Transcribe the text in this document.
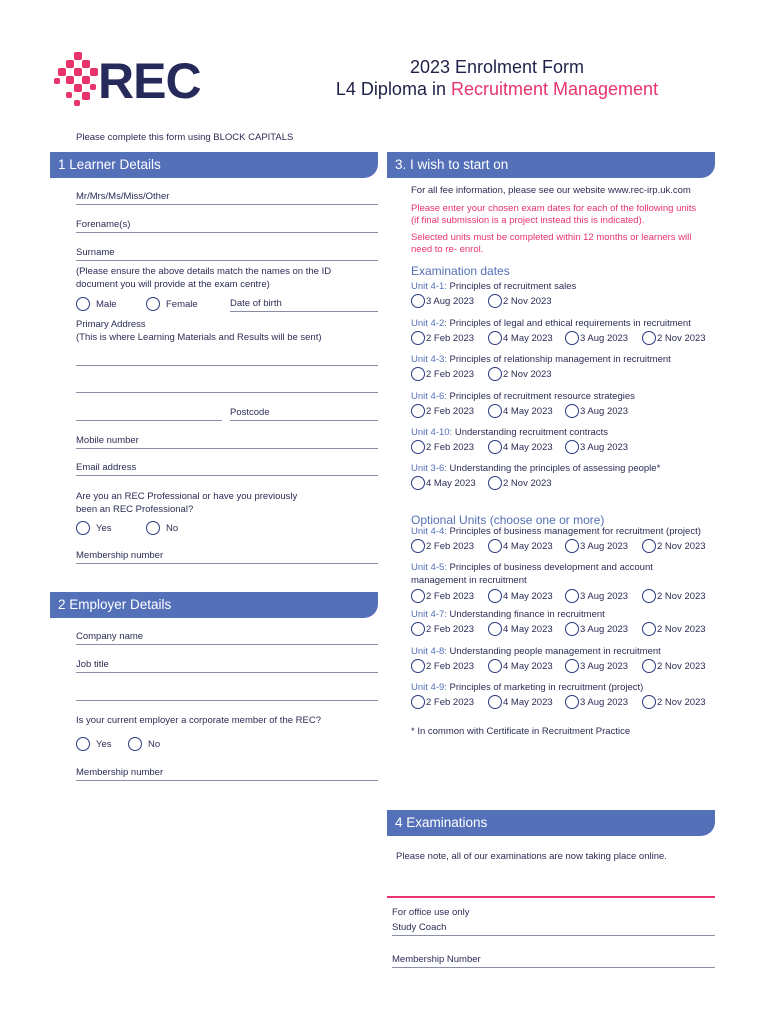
REC	2023 Enrolment Form
L4 Diploma in Recruitment Management
Please complete this form using BLOCK CAPITALS
1 Learner Details
Mr/Mrs/Ms/Miss/Other
Forename(s)
Surname
(Please ensure the above details match the names on the ID
document you will provide at the exam centre)
Male	Female	Date of birth
Primary Address
(This is where Learning Materials and Results will be sent)
Postcode
Mobile number
Email address
Are you an REC Professional or have you previously
been an REC Professional?
Yes	No
Membership number
2 Employer Details
Company name
Job title
Is your current employer a corporate member of the REC?
Yes	No
Membership number
3. I wish to start on
For all fee information, please see our website www.rec-irp.uk.com
Please enter your chosen exam dates for each of the following units
(if final submission is a project instead this is indicated).
Selected units must be completed within 12 months or learners will
need to re- enrol.
Examination dates
Unit 4-1: Principles of recruitment sales
3 Aug 2023	2 Nov 2023
Unit 4-2: Principles of legal and ethical requirements in recruitment
2 Feb 2023	4 May 2023	3 Aug 2023	2 Nov 2023
Unit 4-3: Principles of relationship management in recruitment
2 Feb 2023	2 Nov 2023
Unit 4-6: Principles of recruitment resource strategies
2 Feb 2023	4 May 2023	3 Aug 2023
Unit 4-10: Understanding recruitment contracts
2 Feb 2023	4 May 2023	3 Aug 2023
Unit 3-6: Understanding the principles of assessing people*
4 May 2023	2 Nov 2023
Optional Units (choose one or more)
Unit 4-4: Principles of business management for recruitment (project)
2 Feb 2023	4 May 2023	3 Aug 2023	2 Nov 2023
Unit 4-5: Principles of business development and account
management in recruitment
2 Feb 2023	4 May 2023	3 Aug 2023	2 Nov 2023
Unit 4-7: Understanding finance in recruitment
2 Feb 2023	4 May 2023	3 Aug 2023	2 Nov 2023
Unit 4-8: Understanding people management in recruitment
2 Feb 2023	4 May 2023	3 Aug 2023	2 Nov 2023
Unit 4-9: Principles of marketing in recruitment (project)
2 Feb 2023	4 May 2023	3 Aug 2023	2 Nov 2023
* In common with Certificate in Recruitment Practice
4 Examinations
Please note, all of our examinations are now taking place online.
For office use only
Study Coach
Membership Number
